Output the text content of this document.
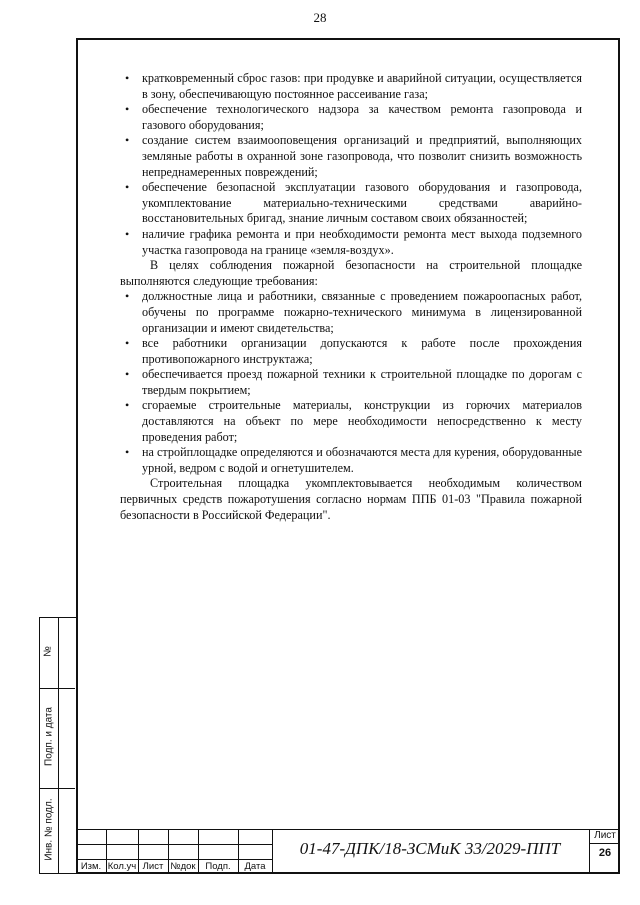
28
• кратковременный сброс газов: при продувке и аварийной ситуации, осуществляется в зону, обеспечивающую постоянное рассеивание газа;
• обеспечение технологического надзора за качеством ремонта газопровода и газового оборудования;
• создание систем взаимооповещения организаций и предприятий, выполняющих земляные работы в охранной зоне газопровода, что позволит снизить возможность непреднамеренных повреждений;
• обеспечение безопасной эксплуатации газового оборудования и газопровода, укомплектование материально-техническими средствами аварийно-восстановительных бригад, знание личным составом своих обязанностей;
• наличие графика ремонта и при необходимости ремонта мест выхода подземного участка газопровода на границе «земля-воздух».

В целях соблюдения пожарной безопасности на строительной площадке выполняются следующие требования:

• должностные лица и работники, связанные с проведением пожароопасных работ, обучены по программе пожарно-технического минимума в лицензированной организации и имеют свидетельства;
• все работники организации допускаются к работе после прохождения противопожарного инструктажа;
• обеспечивается проезд пожарной техники к строительной площадке по дорогам с твердым покрытием;
• сгораемые строительные материалы, конструкции из горючих материалов доставляются на объект по мере необходимости непосредственно к месту проведения работ;
• на стройплощадке определяются и обозначаются места для курения, оборудованные урной, ведром с водой и огнетушителем.

Строительная площадка укомплектовывается необходимым количеством первичных средств пожаротушения согласно нормам ППБ 01-03 "Правила пожарной безопасности в Российской Федерации".

№
Подп. и дата
Инв. № подл.
Изм. Кол.уч Лист №док	Подп.	Дата
01-47-ДПК/18-ЗСМиК 33/2029-ППТ
Лист
26
